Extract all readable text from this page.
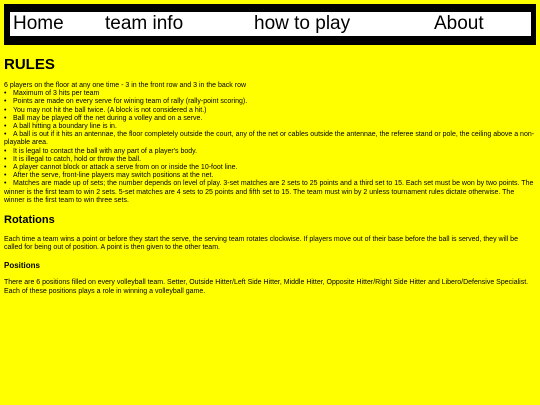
Home team info	how to play	About
RULES

6 players on the floor at any one time - 3 in the front row and 3 in the back row

• Maximum of 3 hits per team
• Points are made on every serve for wining team of rally (rally-point scoring).
• You may not hit the ball twice. (A block is not considered a hit.)
• Ball may be played off the net during a volley and on a serve.
• A ball hitting a boundary line is in.
• A ball is out if it hits an antennae, the floor completely outside the court, any of the net or cables outside the antennae, the referee stand or pole, the ceiling above a non-playable area.
• It is legal to contact the ball with any part of a player's body.
• It is illegal to catch, hold or throw the ball.
• A player cannot block or attack a serve from on or inside the 10-foot line.
• After the serve, front-line players may switch positions at the net.
• Matches are made up of sets; the number depends on level of play. 3-set matches are 2 sets to 25 points and a third set to 15. Each set must be won by two points. The winner is the first team to win 2 sets. 5-set matches are 4 sets to 25 points and fifth set to 15. The team must win by 2 unless tournament rules dictate otherwise. The winner is the first team to win three sets.
Rotations

Each time a team wins a point or before they start the serve, the serving team rotates clockwise. If players move out of their base before the ball is served, they will be called for being out of position. A point is then given to the other team.

Positions

There are 6 positions filled on every volleyball team. Setter, Outside Hitter/Left Side Hitter, Middle Hitter, Opposite Hitter/Right Side Hitter and Libero/Defensive Specialist. Each of these positions plays a role in winning a volleyball game.
